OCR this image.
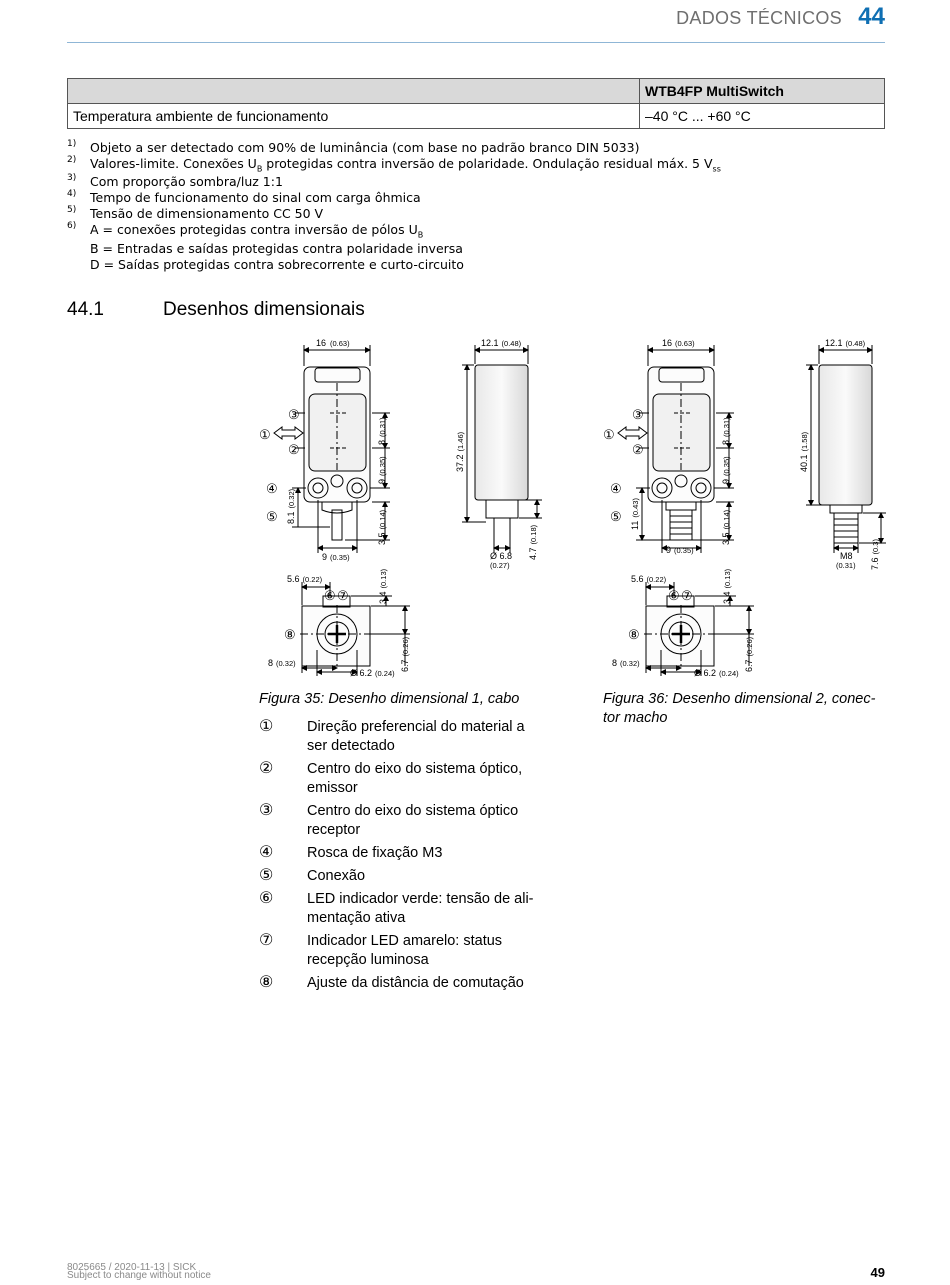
DADOS TÉCNICOS 44
	WTB4FP MultiSwitch
Temperatura ambiente de funcionamento	–40 °C ... +60 °C
1) Objeto a ser detectado com 90% de luminância (com base no padrão branco DIN 5033)
2) Valores-limite. Conexões $U_B$ protegidas contra inversão de polaridade. Ondulação residual máx. 5 $V_{ss}$
3) Com proporção sombra/luz 1:1
4) Tempo de funcionamento do sinal com carga ôhmica
5) Tensão de dimensionamento CC 50 V
6) A = conexões protegidas contra inversão de pólos $U_B$
B = Entradas e saídas protegidas contra polaridade inversa
D = Saídas protegidas contra sobrecorrente e curto-circuito
44.1	Desenhos dimensionais
16 (0.63)
8(0.31)
9(0.35)
3.5(0.14)
8.1(0.32)
9 (0.35)
③
①
②
④
⑤
12.1 (0.48)
37.2(1.46)
Ø 6.8
(0.27)
4.7(0.18)
5.6 (0.22)
3.4(0.13)
6.7(0.26)
8 (0.32)
Ø 6.2 (0.24)
⑥ ⑦
⑧
16 (0.63)
8(0.31)
9(0.35)
3.5(0.14)
11(0.43)
9 (0.35)
③
①
②
④
⑤
12.1 (0.48)
40.1(1.58)
M8
(0.31) 7.6(0.3)
5.6 (0.22)
3.4(0.13)
6.7(0.26)
8 (0.32)
Ø 6.2 (0.24)
⑥ ⑦
⑧
Figura 35: Desenho dimensional 1, cabo	Figura 36: Desenho dimensional 2, conec-
tor macho
① Direção preferencial do material a
ser detectado
② Centro do eixo do sistema óptico,
emissor
③ Centro do eixo do sistema óptico
receptor
④ Rosca de fixação M3
⑤ Conexão
⑥ LED indicador verde: tensão de ali-
mentação ativa
⑦ Indicador LED amarelo: status
recepção luminosa
⑧ Ajuste da distância de comutação
8025665 / 2020-11-13 | SICK
Subject to change without notice	49
